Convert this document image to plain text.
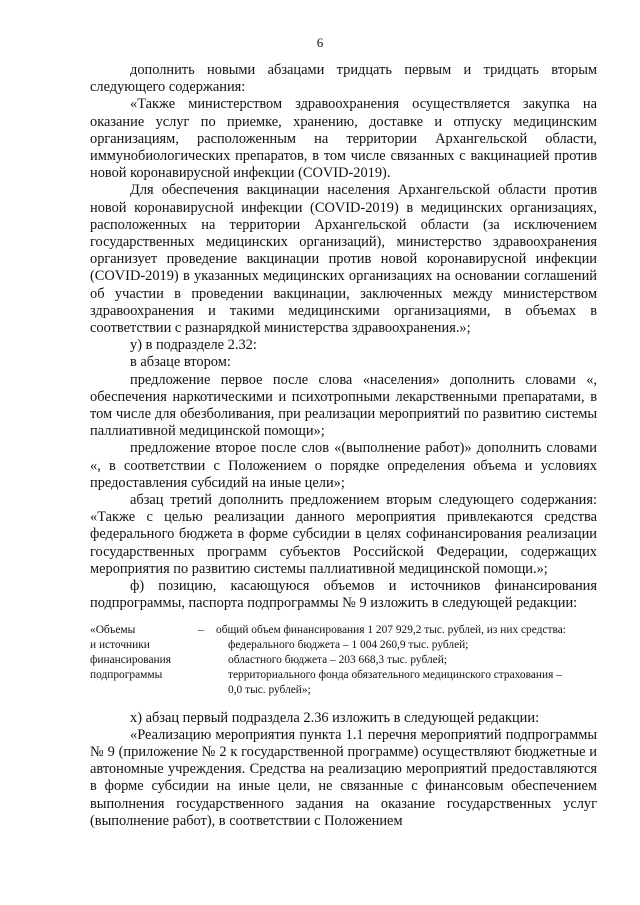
6

дополнить новыми абзацами тридцать первым и тридцать вторым следующего содержания:

«Также министерством здравоохранения осуществляется закупка на оказание услуг по приемке, хранению, доставке и отпуску медицинским организациям, расположенным на территории Архангельской области, иммунобиологических препаратов, в том числе связанных с вакцинацией против новой коронавирусной инфекции (COVID-2019).

Для обеспечения вакцинации населения Архангельской области против новой коронавирусной инфекции (COVID-2019) в медицинских организациях, расположенных на территории Архангельской области (за исключением государственных медицинских организаций), министерство здравоохранения организует проведение вакцинации против новой коронавирусной инфекции (COVID-2019) в указанных медицинских организациях на основании соглашений об участии в проведении вакцинации, заключенных между министерством здравоохранения и такими медицинскими организациями, в объемах в соответствии с разнарядкой министерства здравоохранения.»;

у) в подразделе 2.32:

в абзаце втором:

предложение первое после слова «населения» дополнить словами «, обеспечения наркотическими и психотропными лекарственными препаратами, в том числе для обезболивания, при реализации мероприятий по развитию системы паллиативной медицинской помощи»;

предложение второе после слов «(выполнение работ)» дополнить словами «, в соответствии с Положением о порядке определения объема и условиях предоставления субсидий на иные цели»;

абзац третий дополнить предложением вторым следующего содержания: «Также с целью реализации данного мероприятия привлекаются средства федерального бюджета в форме субсидии в целях софинансирования реализации государственных программ субъектов Российской Федерации, содержащих мероприятия по развитию системы паллиативной медицинской помощи.»;

ф) позицию, касающуюся объемов и источников финансирования подпрограммы, паспорта подпрограммы № 9 изложить в следующей редакции:

«Объемы
и источники
финансирования
подпрограммы
–	общий объем финансирования 1 207 929,2 тыс. рублей, из них средства:
федерального бюджета – 1 004 260,9 тыс. рублей;
областного бюджета – 203 668,3 тыс. рублей;
территориального фонда обязательного медицинского страхования –
0,0 тыс. рублей»;

х) абзац первый подраздела 2.36 изложить в следующей редакции:

«Реализацию мероприятия пункта 1.1 перечня мероприятий подпрограммы № 9 (приложение № 2 к государственной программе) осуществляют бюджетные и автономные учреждения. Средства на реализацию мероприятий предоставляются в форме субсидии на иные цели, не связанные с финансовым обеспечением выполнения государственного задания на оказание государственных услуг (выполнение работ), в соответствии с Положением
